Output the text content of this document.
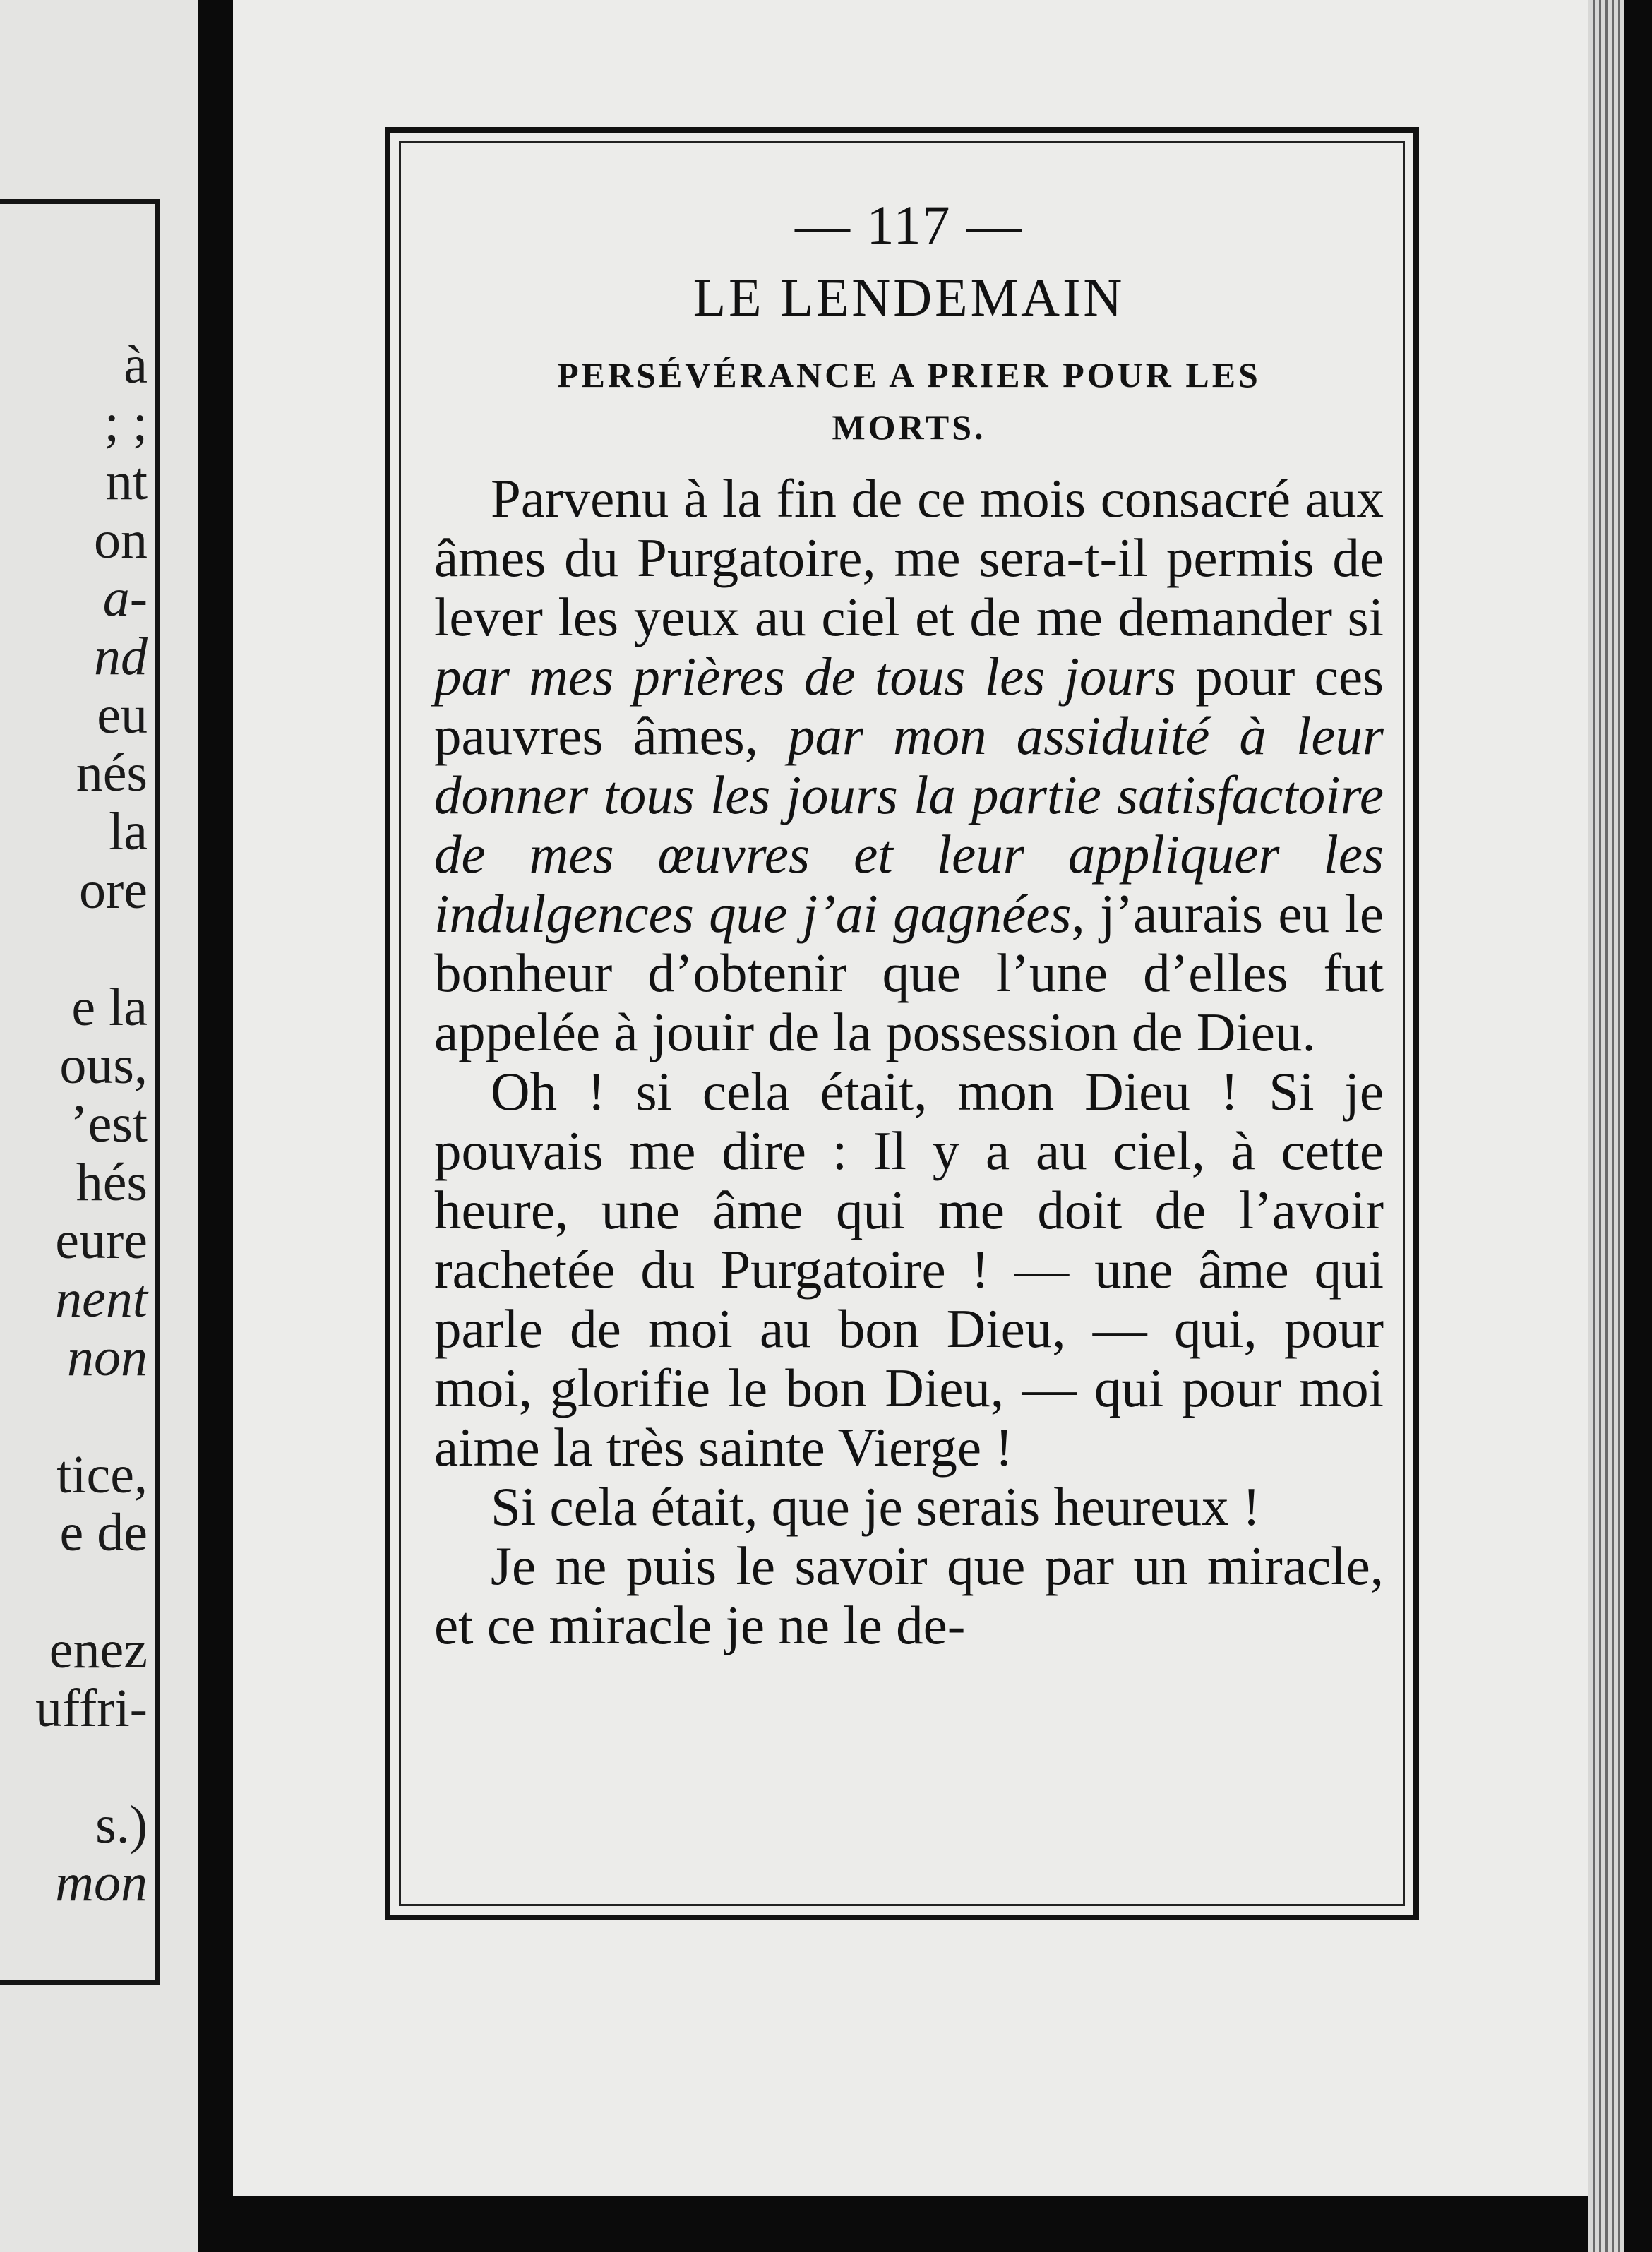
à
; ;
nt
on
a-
nd
eu
nés
la
ore
e la
ous,
’est
hés
eure
nent
non
tice,
e de
enez
uffri-
s.)
mon
— 117 —
LE LENDEMAIN
PERSÉVÉRANCE A PRIER POUR LES MORTS.

Parvenu à la fin de ce mois consacré aux âmes du Purgatoire, me sera-t-il permis de lever les yeux au ciel et de me demander si par mes prières de tous les jours pour ces pauvres âmes, par mon assiduité à leur donner tous les jours la partie satisfactoire de mes œuvres et leur appliquer les indulgences que j’ai gagnées, j’aurais eu le bonheur d’obtenir que l’une d’elles fut appelée à jouir de la possession de Dieu.

Oh ! si cela était, mon Dieu ! Si je pouvais me dire : Il y a au ciel, à cette heure, une âme qui me doit de l’avoir rachetée du Purgatoire ! — une âme qui parle de moi au bon Dieu, — qui, pour moi, glorifie le bon Dieu, — qui pour moi aime la très sainte Vierge !

Si cela était, que je serais heureux !

Je ne puis le savoir que par un miracle, et ce miracle je ne le de-
